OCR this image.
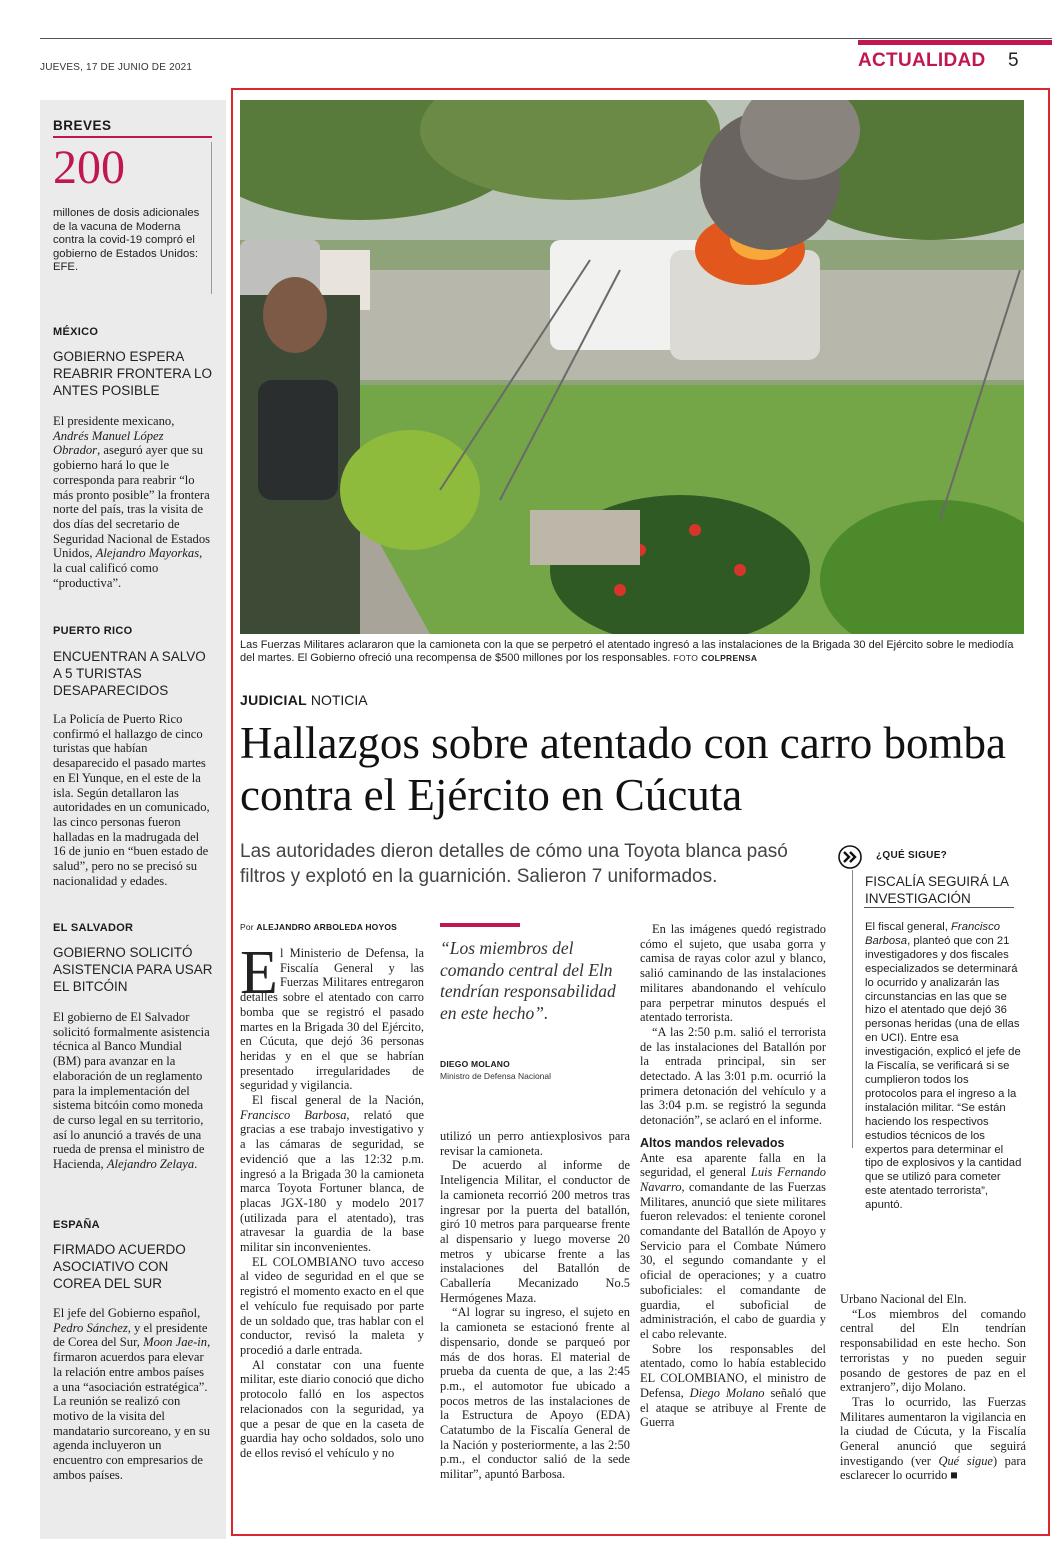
JUEVES, 17 DE JUNIO DE 2021	ACTUALIDAD 5
BREVES
200
millones de dosis adicionales de la vacuna de Moderna contra la covid-19 compró el gobierno de Estados Unidos: EFE.
MÉXICO
GOBIERNO ESPERA REABRIR FRONTERA LO ANTES POSIBLE
El presidente mexicano, Andrés Manuel López Obrador, aseguró ayer que su gobierno hará lo que le corresponda para reabrir “lo más pronto posible” la frontera norte del país, tras la visita de dos días del secretario de Seguridad Nacional de Estados Unidos, Alejandro Mayorkas, la cual calificó como “productiva”.
PUERTO RICO
ENCUENTRAN A SALVO A 5 TURISTAS DESAPARECIDOS
La Policía de Puerto Rico confirmó el hallazgo de cinco turistas que habían desaparecido el pasado martes en El Yunque, en el este de la isla. Según detallaron las autoridades en un comunicado, las cinco personas fueron halladas en la madrugada del 16 de junio en “buen estado de salud”, pero no se precisó su nacionalidad y edades.
EL SALVADOR
GOBIERNO SOLICITÓ ASISTENCIA PARA USAR EL BITCÓIN
El gobierno de El Salvador solicitó formalmente asistencia técnica al Banco Mundial (BM) para avanzar en la elaboración de un reglamento para la implementación del sistema bitcóin como moneda de curso legal en su territorio, así lo anunció a través de una rueda de prensa el ministro de Hacienda, Alejandro Zelaya.
ESPAÑA
FIRMADO ACUERDO ASOCIATIVO CON COREA DEL SUR
El jefe del Gobierno español, Pedro Sánchez, y el presidente de Corea del Sur, Moon Jae-in, firmaron acuerdos para elevar la relación entre ambos países a una “asociación estratégica”. La reunión se realizó con motivo de la visita del mandatario surcoreano, y en su agenda incluyeron un encuentro con empresarios de ambos países.
Las Fuerzas Militares aclararon que la camioneta con la que se perpetró el atentado ingresó a las instalaciones de la Brigada 30 del Ejército sobre le mediodía del martes. El Gobierno ofreció una recompensa de $500 millones por los responsables. FOTO COLPRENSA
JUDICIAL NOTICIA
Hallazgos sobre atentado con carro bomba contra el Ejército en Cúcuta
Las autoridades dieron detalles de cómo una Toyota blanca pasó filtros y explotó en la guarnición. Salieron 7 uniformados.
Por ALEJANDRO ARBOLEDA HOYOS
E l Ministerio de Defensa, la Fiscalía General y las Fuerzas Militares entregaron detalles sobre el atentado con carro bomba que se registró el pasado martes en la Brigada 30 del Ejército, en Cúcuta, que dejó 36 personas heridas y en el que se habrían presentado irregularidades de seguridad y vigilancia.

El fiscal general de la Nación, Francisco Barbosa, relató que gracias a ese trabajo investigativo y a las cámaras de seguridad, se evidenció que a las 12:32 p.m. ingresó a la Brigada 30 la camioneta marca Toyota Fortuner blanca, de placas JGX-180 y modelo 2017 (utilizada para el atentado), tras atravesar la guardia de la base militar sin inconvenientes.

EL COLOMBIANO tuvo acceso al video de seguridad en el que se registró el momento exacto en el que el vehículo fue requisado por parte de un soldado que, tras hablar con el conductor, revisó la maleta y procedió a darle entrada.

Al constatar con una fuente militar, este diario conoció que dicho protocolo falló en los aspectos relacionados con la seguridad, ya que a pesar de que en la caseta de guardia hay ocho soldados, solo uno de ellos revisó el vehículo y no

“Los miembros del comando central del Eln tendrían responsabilidad en este hecho”.
DIEGO MOLANO
Ministro de Defensa Nacional

utilizó un perro antiexplosivos para revisar la camioneta.

De acuerdo al informe de Inteligencia Militar, el conductor de la camioneta recorrió 200 metros tras ingresar por la puerta del batallón, giró 10 metros para parquearse frente al dispensario y luego moverse 20 metros y ubicarse frente a las instalaciones del Batallón de Caballería Mecanizado No.5 Hermógenes Maza.

“Al lograr su ingreso, el sujeto en la camioneta se estacionó frente al dispensario, donde se parqueó por más de dos horas. El material de prueba da cuenta de que, a las 2:45 p.m., el automotor fue ubicado a pocos metros de las instalaciones de la Estructura de Apoyo (EDA) Catatumbo de la Fiscalía General de la Nación y posteriormente, a las 2:50 p.m., el conductor salió de la sede militar”, apuntó Barbosa.

En las imágenes quedó registrado cómo el sujeto, que usaba gorra y camisa de rayas color azul y blanco, salió caminando de las instalaciones militares abandonando el vehículo para perpetrar minutos después el atentado terrorista.

“A las 2:50 p.m. salió el terrorista de las instalaciones del Batallón por la entrada principal, sin ser detectado. A las 3:01 p.m. ocurrió la primera detonación del vehículo y a las 3:04 p.m. se registró la segunda detonación”, se aclaró en el informe.

Altos mandos relevados

Ante esa aparente falla en la seguridad, el general Luis Fernando Navarro, comandante de las Fuerzas Militares, anunció que siete militares fueron relevados: el teniente coronel comandante del Batallón de Apoyo y Servicio para el Combate Número 30, el segundo comandante y el oficial de operaciones; y a cuatro suboficiales: el comandante de guardia, el suboficial de administración, el cabo de guardia y el cabo relevante.

Sobre los responsables del atentado, como lo había establecido EL COLOMBIANO, el ministro de Defensa, Diego Molano señaló que el ataque se atribuye al Frente de Guerra

Urbano Nacional del Eln.

“Los miembros del comando central del Eln tendrían responsabilidad en este hecho. Son terroristas y no pueden seguir posando de gestores de paz en el extranjero”, dijo Molano.

Tras lo ocurrido, las Fuerzas Militares aumentaron la vigilancia en la ciudad de Cúcuta, y la Fiscalía General anunció que seguirá investigando (ver Qué sigue) para esclarecer lo ocurrido ■

¿QUÉ SIGUE?
FISCALÍA SEGUIRÁ LA INVESTIGACIÓN
El fiscal general, Francisco Barbosa, planteó que con 21 investigadores y dos fiscales especializados se determinará lo ocurrido y analizarán las circunstancias en las que se hizo el atentado que dejó 36 personas heridas (una de ellas en UCI). Entre esa investigación, explicó el jefe de la Fiscalía, se verificará si se cumplieron todos los protocolos para el ingreso a la instalación militar. “Se están haciendo los respectivos estudios técnicos de los expertos para determinar el tipo de explosivos y la cantidad que se utilizó para cometer este atentado terrorista”, apuntó.
